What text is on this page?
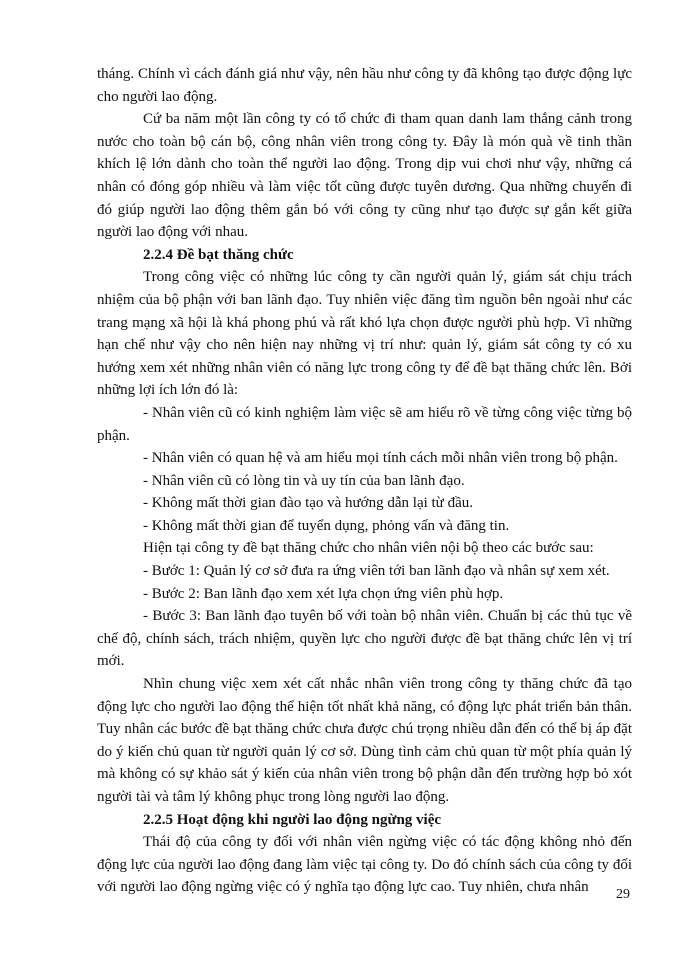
tháng. Chính vì cách đánh giá như vậy, nên hầu như công ty đã không tạo được động lực cho người lao động.

Cứ ba năm một lần công ty có tổ chức đi tham quan danh lam thắng cảnh trong nước cho toàn bộ cán bộ, công nhân viên trong công ty. Đây là món quà về tinh thần khích lệ lớn dành cho toàn thể người lao động. Trong dịp vui chơi như vậy, những cá nhân có đóng góp nhiều và làm việc tốt cũng được tuyên dương. Qua những chuyến đi đó giúp người lao động thêm gắn bó với công ty cũng như tạo được sự gắn kết giữa người lao động với nhau.

2.2.4 Đề bạt thăng chức

Trong công việc có những lúc công ty cần người quản lý, giám sát chịu trách nhiệm của bộ phận với ban lãnh đạo. Tuy nhiên việc đăng tìm nguồn bên ngoài như các trang mạng xã hội là khá phong phú và rất khó lựa chọn được người phù hợp. Vì những hạn chế như vậy cho nên hiện nay những vị trí như: quản lý, giám sát công ty có xu hướng xem xét những nhân viên có năng lực trong công ty để đề bạt thăng chức lên. Bởi những lợi ích lớn đó là:

- Nhân viên cũ có kinh nghiệm làm việc sẽ am hiểu rõ về từng công việc từng bộ phận.

- Nhân viên có quan hệ và am hiểu mọi tính cách mỗi nhân viên trong bộ phận.

- Nhân viên cũ có lòng tin và uy tín của ban lãnh đạo.

- Không mất thời gian đào tạo và hướng dẫn lại từ đầu.

- Không mất thời gian để tuyển dụng, phỏng vấn và đăng tin.

Hiện tại công ty đề bạt thăng chức cho nhân viên nội bộ theo các bước sau:

- Bước 1: Quản lý cơ sở đưa ra ứng viên tới ban lãnh đạo và nhân sự xem xét.

- Bước 2: Ban lãnh đạo xem xét lựa chọn ứng viên phù hợp.

- Bước 3: Ban lãnh đạo tuyên bố với toàn bộ nhân viên. Chuẩn bị các thủ tục về chế độ, chính sách, trách nhiệm, quyền lực cho người được đề bạt thăng chức lên vị trí mới.

Nhìn chung việc xem xét cất nhắc nhân viên trong công ty thăng chức đã tạo động lực cho người lao động thể hiện tốt nhất khả năng, có động lực phát triển bản thân. Tuy nhân các bước đề bạt thăng chức chưa được chú trọng nhiều dẫn đến có thể bị áp đặt do ý kiến chủ quan từ người quản lý cơ sở. Dùng tình cảm chủ quan từ một phía quản lý mà không có sự khảo sát ý kiến của nhân viên trong bộ phận dẫn đến trường hợp bỏ xót người tài và tâm lý không phục trong lòng người lao động.

2.2.5 Hoạt động khi người lao động ngừng việc

Thái độ của công ty đối với nhân viên ngừng việc có tác động không nhỏ đến động lực của người lao động đang làm việc tại công ty. Do đó chính sách của công ty đối với người lao động ngừng việc có ý nghĩa tạo động lực cao. Tuy nhiên, chưa nhân	29
